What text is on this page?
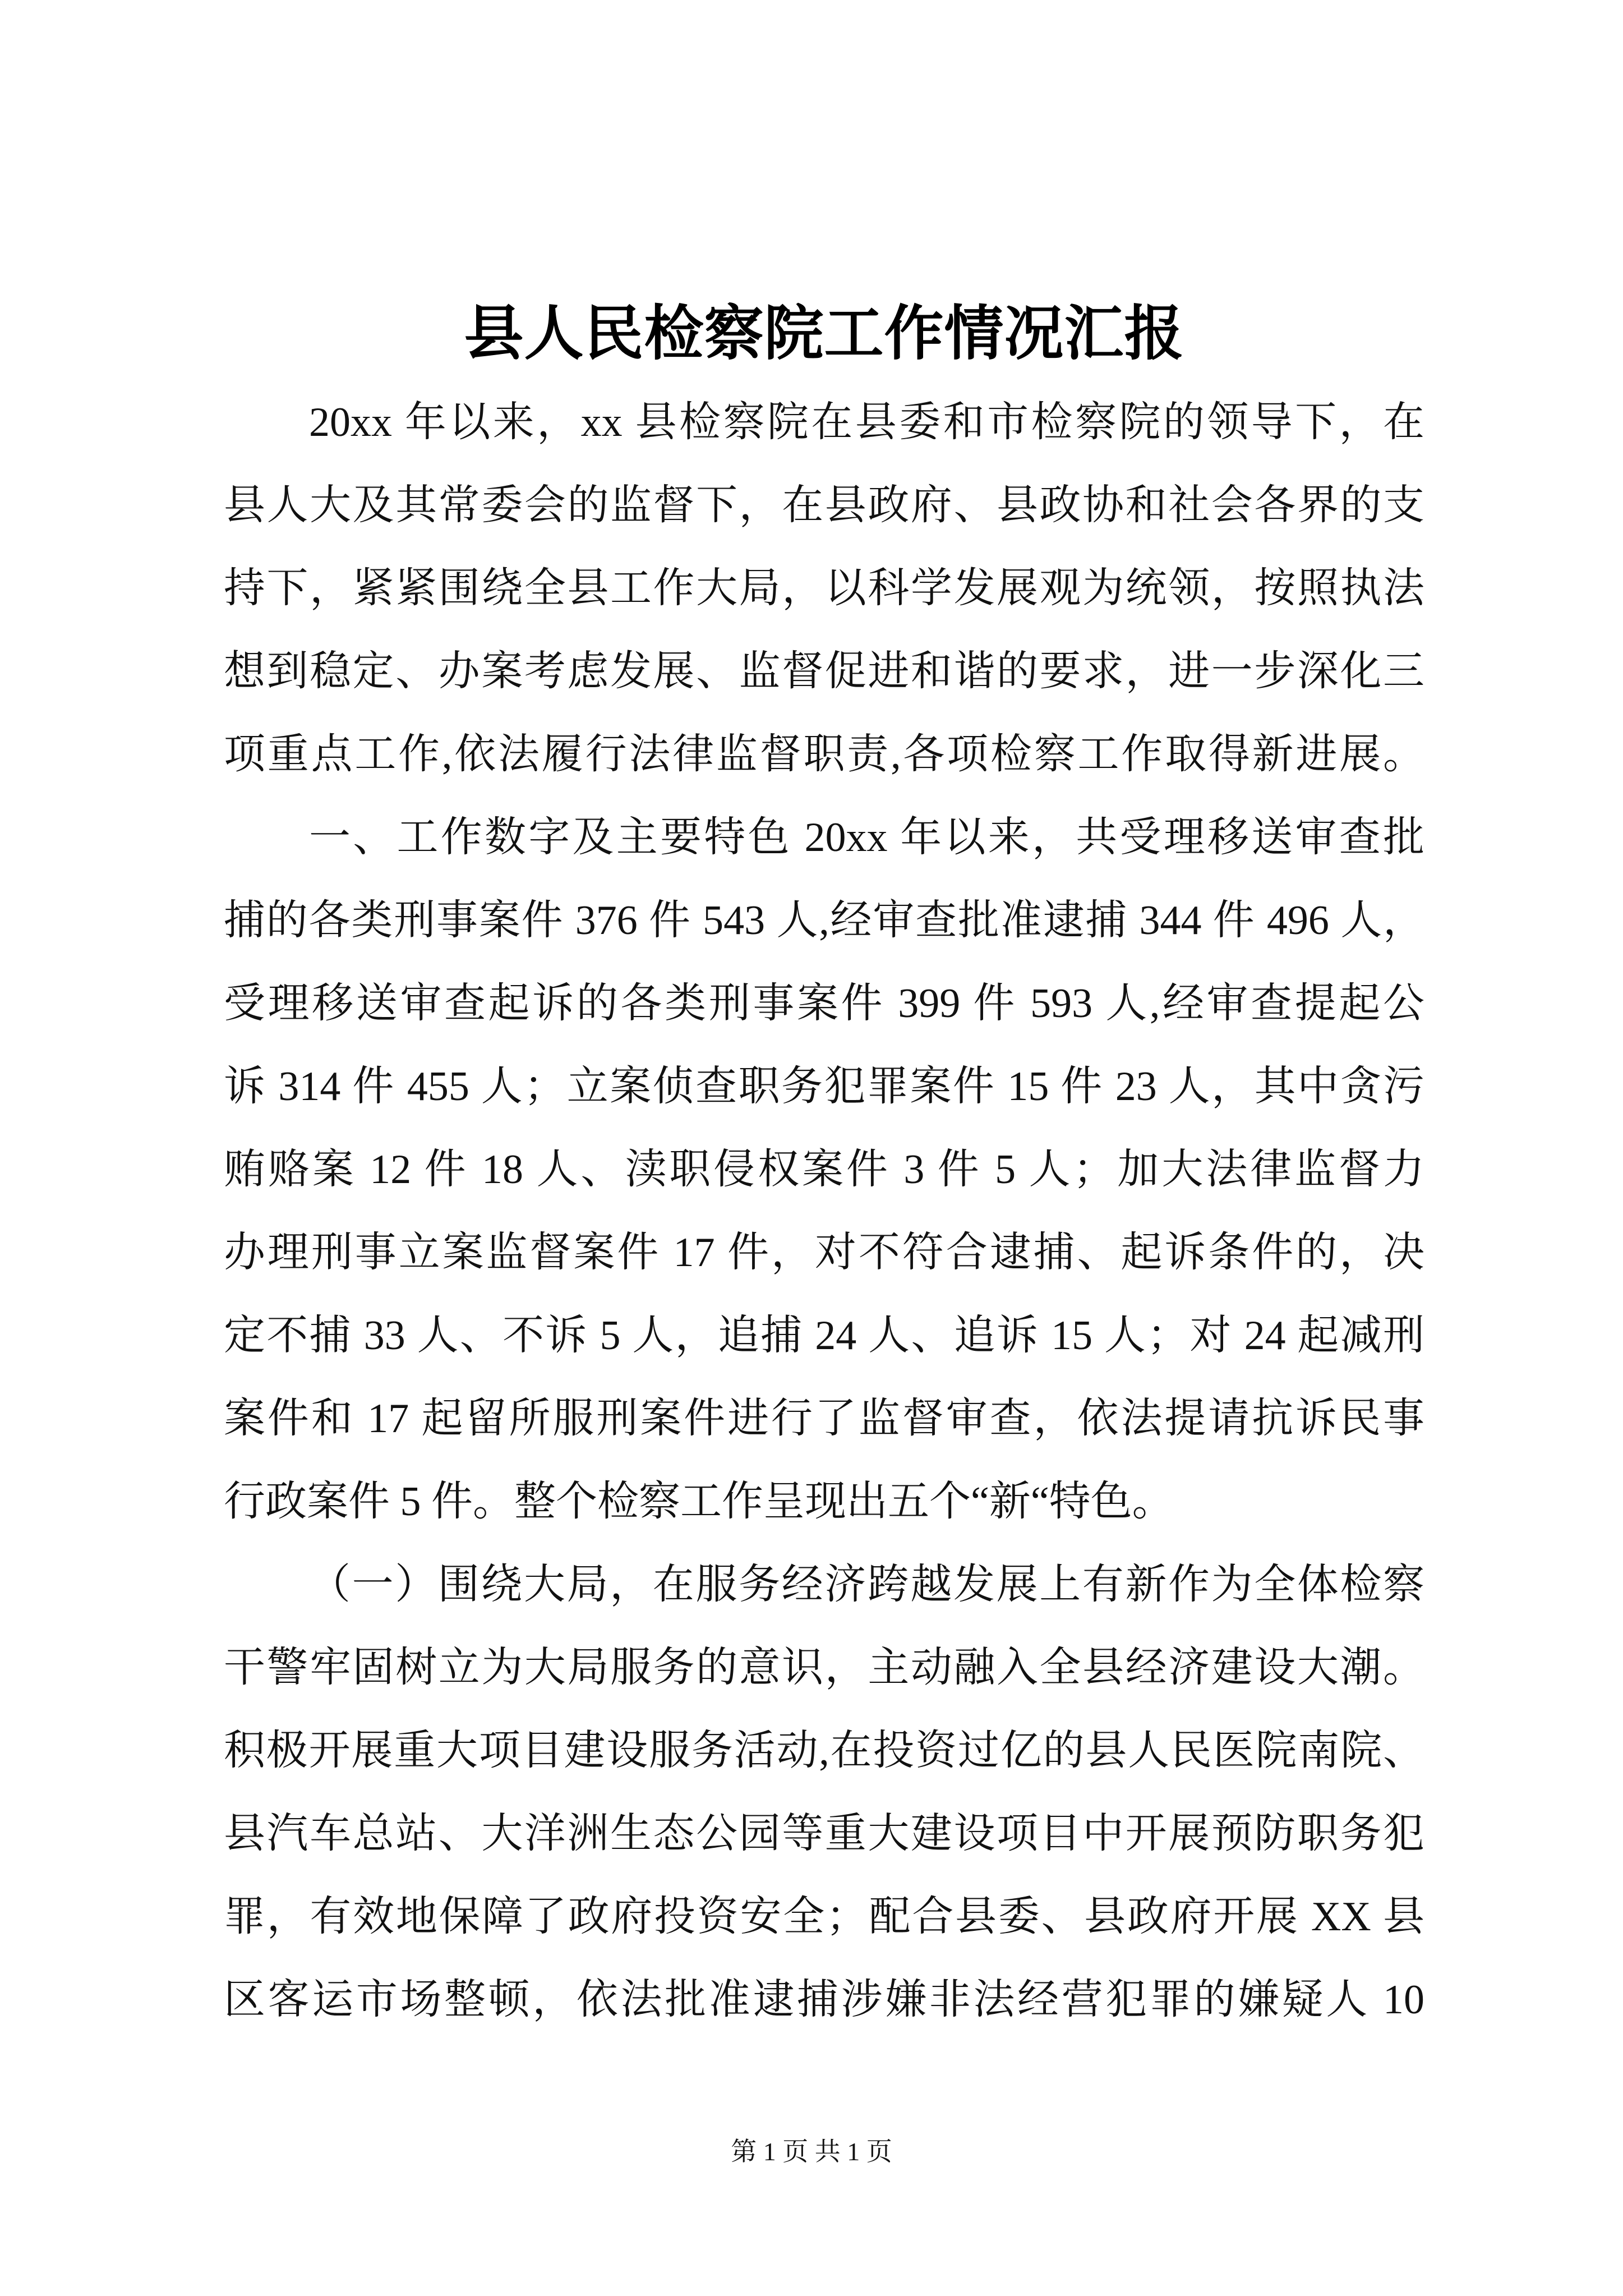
县人民检察院工作情况汇报
20xx 年以来，xx 县检察院在县委和市检察院的领导下，在
县人大及其常委会的监督下，在县政府、县政协和社会各界的支
持下，紧紧围绕全县工作大局，以科学发展观为统领，按照执法
想到稳定、办案考虑发展、监督促进和谐的要求，进一步深化三
项重点工作,依法履行法律监督职责,各项检察工作取得新进展。
一、工作数字及主要特色 20xx 年以来，共受理移送审查批
捕的各类刑事案件 376 件 543 人,经审查批准逮捕 344 件 496 人，
受理移送审查起诉的各类刑事案件 399 件 593 人,经审查提起公
诉 314 件 455 人；立案侦查职务犯罪案件 15 件 23 人，其中贪污
贿赂案 12 件 18 人、渎职侵权案件 3 件 5 人；加大法律监督力
办理刑事立案监督案件 17 件，对不符合逮捕、起诉条件的，决
定不捕 33 人、不诉 5 人，追捕 24 人、追诉 15 人；对 24 起减刑
案件和 17 起留所服刑案件进行了监督审查，依法提请抗诉民事
行政案件 5 件。整个检察工作呈现出五个“新“特色。
（一）围绕大局，在服务经济跨越发展上有新作为全体检察
干警牢固树立为大局服务的意识，主动融入全县经济建设大潮。
积极开展重大项目建设服务活动,在投资过亿的县人民医院南院、
县汽车总站、大洋洲生态公园等重大建设项目中开展预防职务犯
罪，有效地保障了政府投资安全；配合县委、县政府开展 XX 县
区客运市场整顿，依法批准逮捕涉嫌非法经营犯罪的嫌疑人 10
第 1 页 共 1 页
